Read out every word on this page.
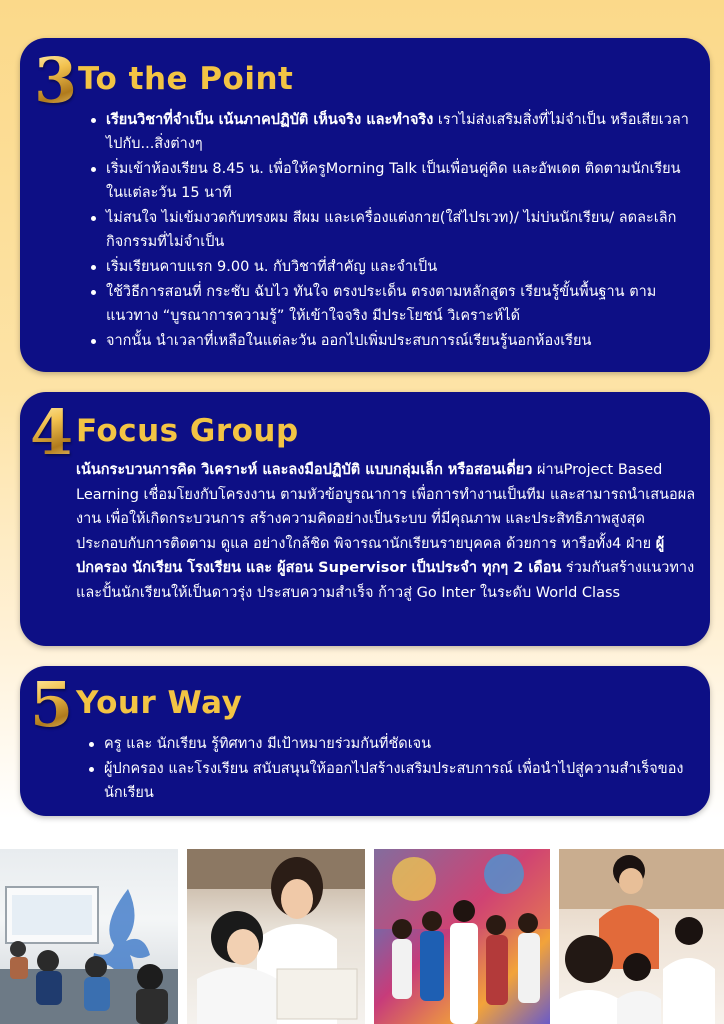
3 To the Point
เรียนวิชาที่จำเป็น เน้นภาคปฏิบัติ เห็นจริง และทำจริง เราไม่ส่งเสริมสิ่งที่ไม่จำเป็น หรือเสียเวลาไปกับ...สิ่งต่างๆ
เริ่มเข้าห้องเรียน 8.45 น. เพื่อให้ครูMorning Talk เป็นเพื่อนคู่คิด และอัพเดต ติดตามนักเรียนในแต่ละวัน 15 นาที
ไม่สนใจ ไม่เข้มงวดกับทรงผม สีผม และเครื่องแต่งกาย(ใส่ไปรเวท)/ ไม่บ่นนักเรียน/ ลดละเลิกกิจกรรมที่ไม่จำเป็น
เริ่มเรียนคาบแรก 9.00 น. กับวิชาที่สำคัญ และจำเป็น
ใช้วิธีการสอนที่ กระชับ ฉับไว ทันใจ ตรงประเด็น ตรงตามหลักสูตร เรียนรู้ขั้นพื้นฐาน ตามแนวทาง “บูรณาการความรู้” ให้เข้าใจจริง มีประโยชน์ วิเคราะห์ได้
จากนั้น นำเวลาที่เหลือในแต่ละวัน ออกไปเพิ่มประสบการณ์เรียนรู้นอกห้องเรียน
4 Focus Group
เน้นกระบวนการคิด วิเคราะห์ และลงมือปฏิบัติ แบบกลุ่มเล็ก หรือสอนเดี่ยว ผ่านProject Based Learning เชื่อมโยงกับโครงงาน ตามหัวข้อบูรณาการ เพื่อการทำงานเป็นทีม และสามารถนำเสนอผลงาน เพื่อให้เกิดกระบวนการ สร้างความคิดอย่างเป็นระบบ ที่มีคุณภาพ และประสิทธิภาพสูงสุด ประกอบกับการติดตาม ดูแล อย่างใกล้ชิด พิจารณานักเรียนรายบุคคล ด้วยการ หารือทั้ง4 ฝ่าย ผู้ปกครอง นักเรียน โรงเรียน และ ผู้สอน Supervisor เป็นประจำ ทุกๆ 2 เดือน ร่วมกันสร้างแนวทาง และปั้นนักเรียนให้เป็นดาวรุ่ง ประสบความสำเร็จ ก้าวสู่ Go Inter ในระดับ World Class
5 Your Way
ครู และ นักเรียน รู้ทิศทาง มีเป้าหมายร่วมกันที่ชัดเจน
ผู้ปกครอง และโรงเรียน สนับสนุนให้ออกไปสร้างเสริมประสบการณ์ เพื่อนำไปสู่ความสำเร็จของนักเรียน
